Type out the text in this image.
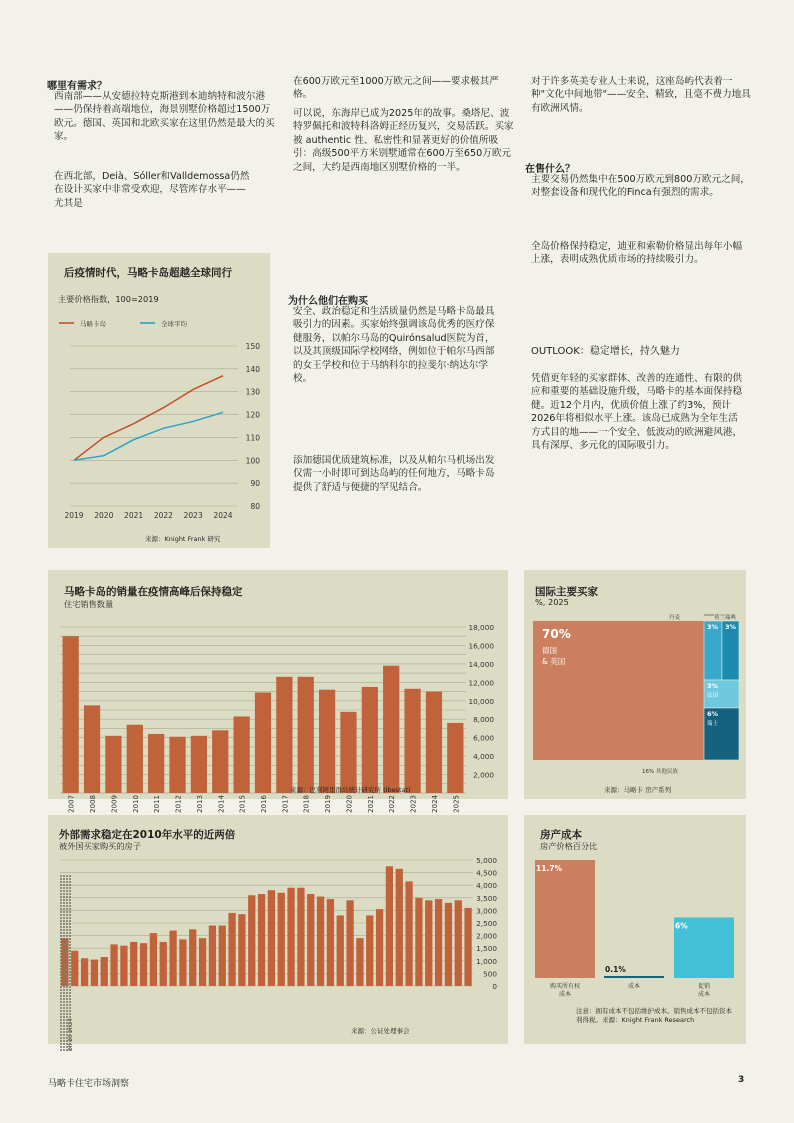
哪里有需求？
西南部——从安德拉特克斯港到本迪纳特和波尔港——仍保持着高端地位，海景别墅价格超过1500万欧元。德国、英国和北欧买家在这里仍然是最大的买家。
在西北部，Deià、Sóller和Valldemossa仍然在设计买家中非常受欢迎，尽管库存水平——尤其是
在600万欧元至1000万欧元之间——要求极其严格。
可以说，东海岸已成为2025年的故事。桑塔尼、波特罗佩托和波特科洛姆正经历复兴，交易活跃。买家被 authentic 性、私密性和显著更好的价值所吸引：高级500平方米别墅通常在600万至650万欧元之间，大约是西南地区别墅价格的一半。
为什么他们在购买
安全、政治稳定和生活质量仍然是马略卡岛最具吸引力的因素。买家始终强调该岛优秀的医疗保健服务，以帕尔马岛的Quirónsalud医院为首，以及其顶级国际学校网络，例如位于帕尔马西部的女王学校和位于马纳科尔的拉斐尔·纳达尔学校。
添加德国优质建筑标准，以及从帕尔马机场出发仅需一小时即可到达岛屿的任何地方，马略卡岛提供了舒适与便捷的罕见结合。
对于许多英美专业人士来说，这座岛屿代表着一种"文化中间地带"——安全、精致，且毫不费力地具有欧洲风情。
在售什么？
主要交易仍然集中在500万欧元到800万欧元之间，对整套设备和现代化的Finca有强烈的需求。
全岛价格保持稳定，迪亚和索勒价格显出每年小幅上涨，表明成熟优质市场的持续吸引力。
OUTLOOK：稳定增长，持久魅力
凭借更年轻的买家群体、改善的连通性、有限的供应和重要的基础设施升级，马略卡的基本面保持稳健。近12个月内，优质价值上涨了约3%，预计2026年将相似水平上涨。该岛已成熟为全年生活方式目的地——一个安全、低波动的欧洲避风港，具有深厚、多元化的国际吸引力。
后疫情时代，马略卡岛超越全球同行
主要价格指数，100=2019
马略卡岛	全球平均
150
140
130
120
110
100
90
80
2019 2020 2021 2022 2023 2024
来源：Knight Frank 研究
马略卡岛的销量在疫情高峰后保持稳定
住宅销售数量
18,000
16,000
14,000
12,000
10,000
8,000
6,000
4,000
2,000
2007 2008 2009 2010 2011 2012 2013 2014 2015 2016 2017 2018 2019 2020 2021 2022 2023 2024
来源：巴利阿里群岛统计研究所 (Ibestat)
国际主要买家
%, 2025
70%
德国
& 英国
3% 3%
3%
法国
6%
瑞士
丹麦	荷兰瑞典
16% 其他民族
来源：马略卡 房产系列
外部需求稳定在2010年水平的近两倍
被外国买家购买的房子
5,000
4,500
4,000
3,500
3,000
2,500
2,000
1,500
1,000
500
0
2H 23 2H24	来源：公证处理事会
房产成本
房产价格百分比
11.7%
0.1%
6%
购买所有权
成本
成本	促销
成本
注意：拥有成本不包括维护成本。销售成本不包括资本利得税。来源：Knight Frank Research
马略卡住宅市场洞察	3
